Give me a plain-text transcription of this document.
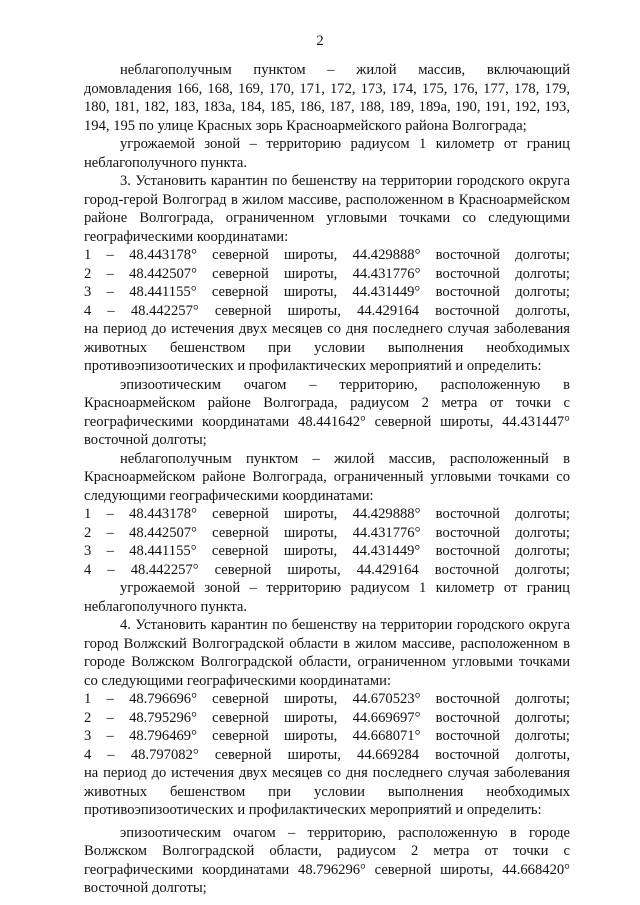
2

неблагополучным пунктом – жилой массив, включающий домовладения 166, 168, 169, 170, 171, 172, 173, 174, 175, 176, 177, 178, 179, 180, 181, 182, 183, 183а, 184, 185, 186, 187, 188, 189, 189а, 190, 191, 192, 193, 194, 195 по улице Красных зорь Красноармейского района Волгограда;

угрожаемой зоной – территорию радиусом 1 километр от границ неблагополучного пункта.

3. Установить карантин по бешенству на территории городского округа город-герой Волгоград в жилом массиве, расположенном в Красноармейском районе Волгограда, ограниченном угловыми точками со следующими географическими координатами:

1 – 48.443178° северной широты, 44.429888° восточной долготы;
2 – 48.442507° северной широты, 44.431776° восточной долготы;
3 – 48.441155° северной широты, 44.431449° восточной долготы;
4 – 48.442257° северной широты, 44.429164 восточной долготы,

на период до истечения двух месяцев со дня последнего случая заболевания животных бешенством при условии выполнения необходимых противоэпизоотических и профилактических мероприятий и определить:

эпизоотическим очагом – территорию, расположенную в Красноармейском районе Волгограда, радиусом 2 метра от точки с географическими координатами 48.441642° северной широты, 44.431447° восточной долготы;

неблагополучным пунктом – жилой массив, расположенный в Красноармейском районе Волгограда, ограниченный угловыми точками со следующими географическими координатами:

1 – 48.443178° северной широты, 44.429888° восточной долготы;
2 – 48.442507° северной широты, 44.431776° восточной долготы;
3 – 48.441155° северной широты, 44.431449° восточной долготы;
4 – 48.442257° северной широты, 44.429164 восточной долготы;

угрожаемой зоной – территорию радиусом 1 километр от границ неблагополучного пункта.

4. Установить карантин по бешенству на территории городского округа город Волжский Волгоградской области в жилом массиве, расположенном в городе Волжском Волгоградской области, ограниченном угловыми точками со следующими географическими координатами:

1 – 48.796696° северной широты, 44.670523° восточной долготы;
2 – 48.795296° северной широты, 44.669697° восточной долготы;
3 – 48.796469° северной широты, 44.668071° восточной долготы;
4 – 48.797082° северной широты, 44.669284 восточной долготы,

на период до истечения двух месяцев со дня последнего случая заболевания животных бешенством при условии выполнения необходимых противоэпизоотических и профилактических мероприятий и определить:

эпизоотическим очагом – территорию, расположенную в городе Волжском Волгоградской области, радиусом 2 метра от точки с географическими координатами 48.796296° северной широты, 44.668420° восточной долготы;
